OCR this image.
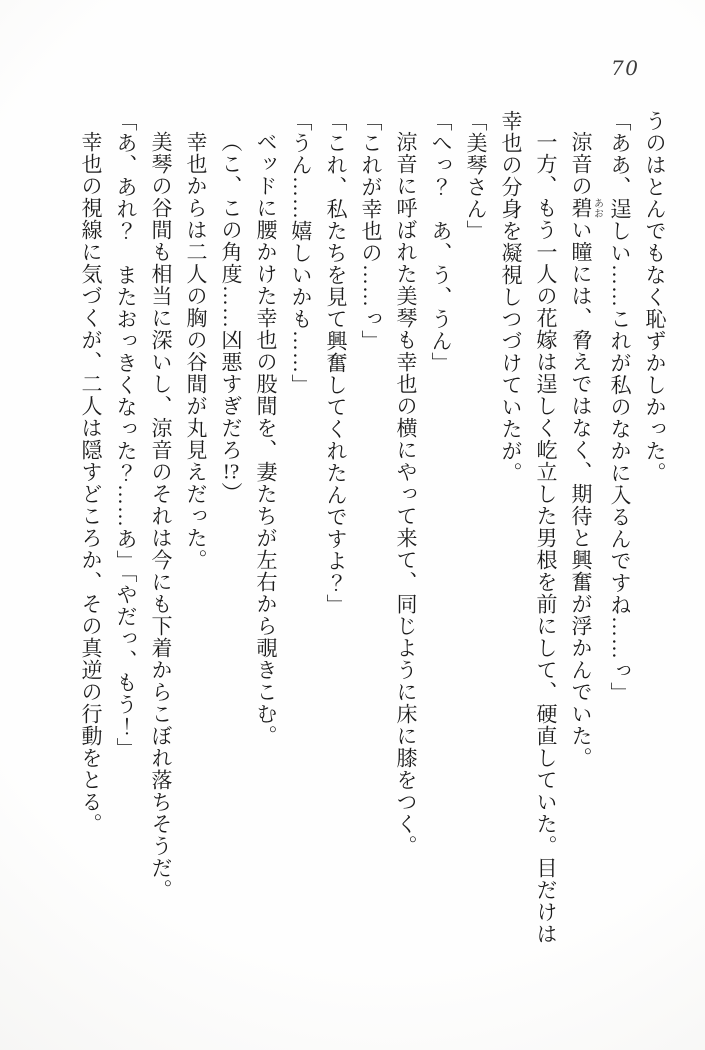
70

うのはとんでもなく恥ずかしかった。

「ああ、逞しい……これが私のなかに入るんですね……っ」

涼音の碧あおい瞳には、脅えではなく、期待と興奮が浮かんでいた。

一方、もう一人の花嫁は逞しく屹立した男根を前にして、硬直していた。目だけは幸也の分身を凝視しつづけていたが。

「美琴さん」

「へっ？　あ、う、うん」

涼音に呼ばれた美琴も幸也の横にやって来て、同じように床に膝をつく。

「これが幸也の……っ」

「これ、私たちを見て興奮してくれたんですよ？」

「うん……嬉しいかも……」

ベッドに腰かけた幸也の股間を、妻たちが左右から覗きこむ。

（こ、この角度……凶悪すぎだろ!?）

幸也からは二人の胸の谷間が丸見えだった。

美琴の谷間も相当に深いし、涼音のそれは今にも下着からこぼれ落ちそうだ。

「あ、あれ？　またおっきくなった？……あ」「やだっ、もう！」

幸也の視線に気づくが、二人は隠すどころか、その真逆の行動をとる。
